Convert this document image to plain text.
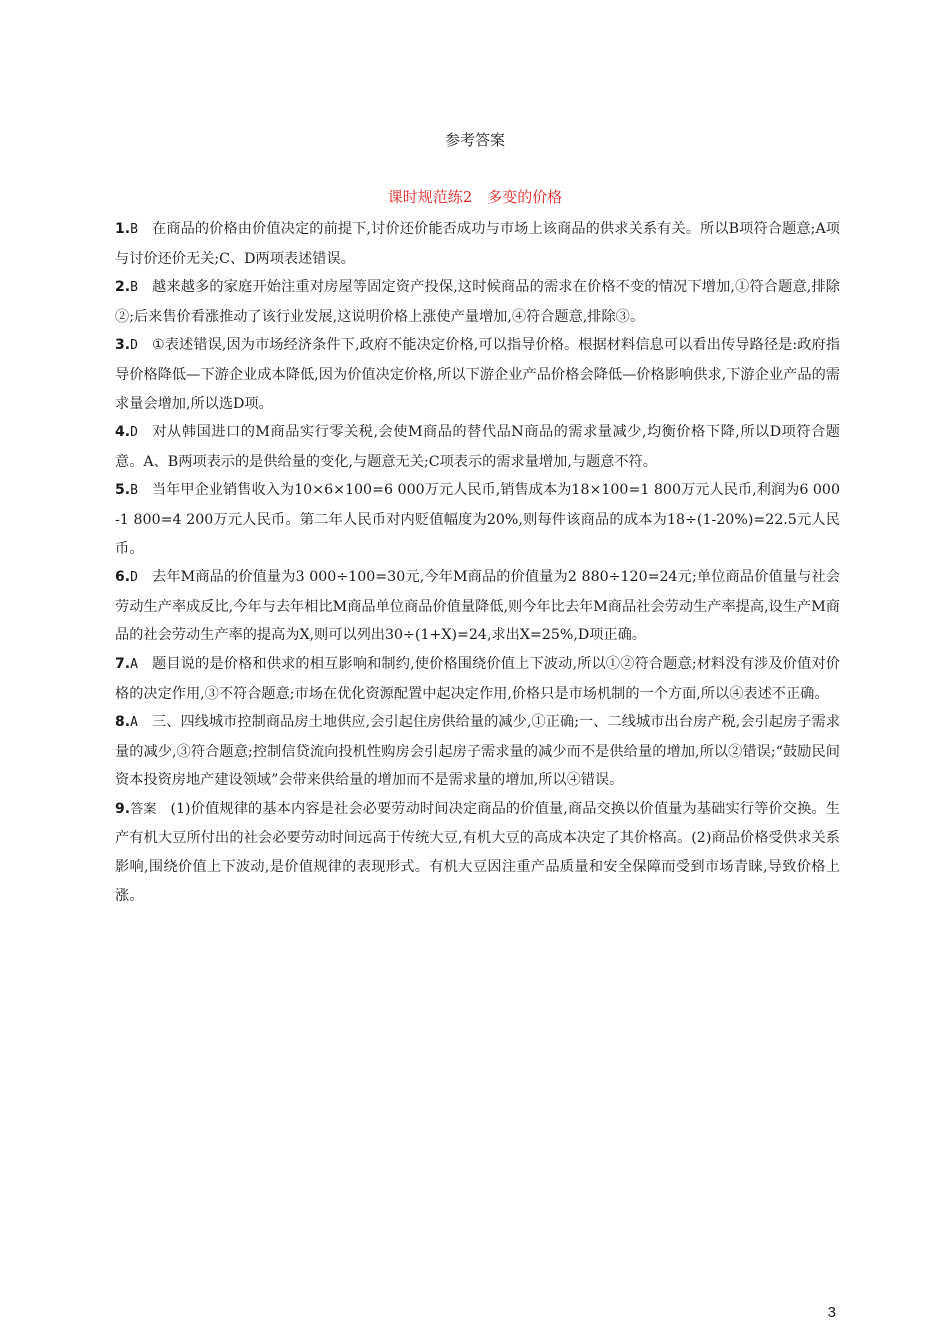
参考答案
课时规范练2　多变的价格
1.B 在商品的价格由价值决定的前提下,讨价还价能否成功与市场上该商品的供求关系有关。所以B项符合题意;A项与讨价还价无关;C、D两项表述错误。
2.B 越来越多的家庭开始注重对房屋等固定资产投保,这时候商品的需求在价格不变的情况下增加,①符合题意,排除②;后来售价看涨推动了该行业发展,这说明价格上涨使产量增加,④符合题意,排除③。
3.D ①表述错误,因为市场经济条件下,政府不能决定价格,可以指导价格。根据材料信息可以看出传导路径是:政府指导价格降低—下游企业成本降低,因为价值决定价格,所以下游企业产品价格会降低—价格影响供求,下游企业产品的需求量会增加,所以选D项。
4.D 对从韩国进口的M商品实行零关税,会使M商品的替代品N商品的需求量减少,均衡价格下降,所以D项符合题意。A、B两项表示的是供给量的变化,与题意无关;C项表示的需求量增加,与题意不符。
5.B 当年甲企业销售收入为10×6×100=6 000万元人民币,销售成本为18×100=1 800万元人民币,利润为6 000-1 800=4 200万元人民币。第二年人民币对内贬值幅度为20%,则每件该商品的成本为18÷(1-20%)=22.5元人民币。
6.D 去年M商品的价值量为3 000÷100=30元,今年M商品的价值量为2 880÷120=24元;单位商品价值量与社会劳动生产率成反比,今年与去年相比M商品单位商品价值量降低,则今年比去年M商品社会劳动生产率提高,设生产M商品的社会劳动生产率的提高为X,则可以列出30÷(1+X)=24,求出X=25%,D项正确。
7.A 题目说的是价格和供求的相互影响和制约,使价格围绕价值上下波动,所以①②符合题意;材料没有涉及价值对价格的决定作用,③不符合题意;市场在优化资源配置中起决定作用,价格只是市场机制的一个方面,所以④表述不正确。
8.A 三、四线城市控制商品房土地供应,会引起住房供给量的减少,①正确;一、二线城市出台房产税,会引起房子需求量的减少,③符合题意;控制信贷流向投机性购房会引起房子需求量的减少而不是供给量的增加,所以②错误;“鼓励民间资本投资房地产建设领域”会带来供给量的增加而不是需求量的增加,所以④错误。
9.答案 (1)价值规律的基本内容是社会必要劳动时间决定商品的价值量,商品交换以价值量为基础实行等价交换。生产有机大豆所付出的社会必要劳动时间远高于传统大豆,有机大豆的高成本决定了其价格高。(2)商品价格受供求关系影响,围绕价值上下波动,是价值规律的表现形式。有机大豆因注重产品质量和安全保障而受到市场青睐,导致价格上涨。
3
